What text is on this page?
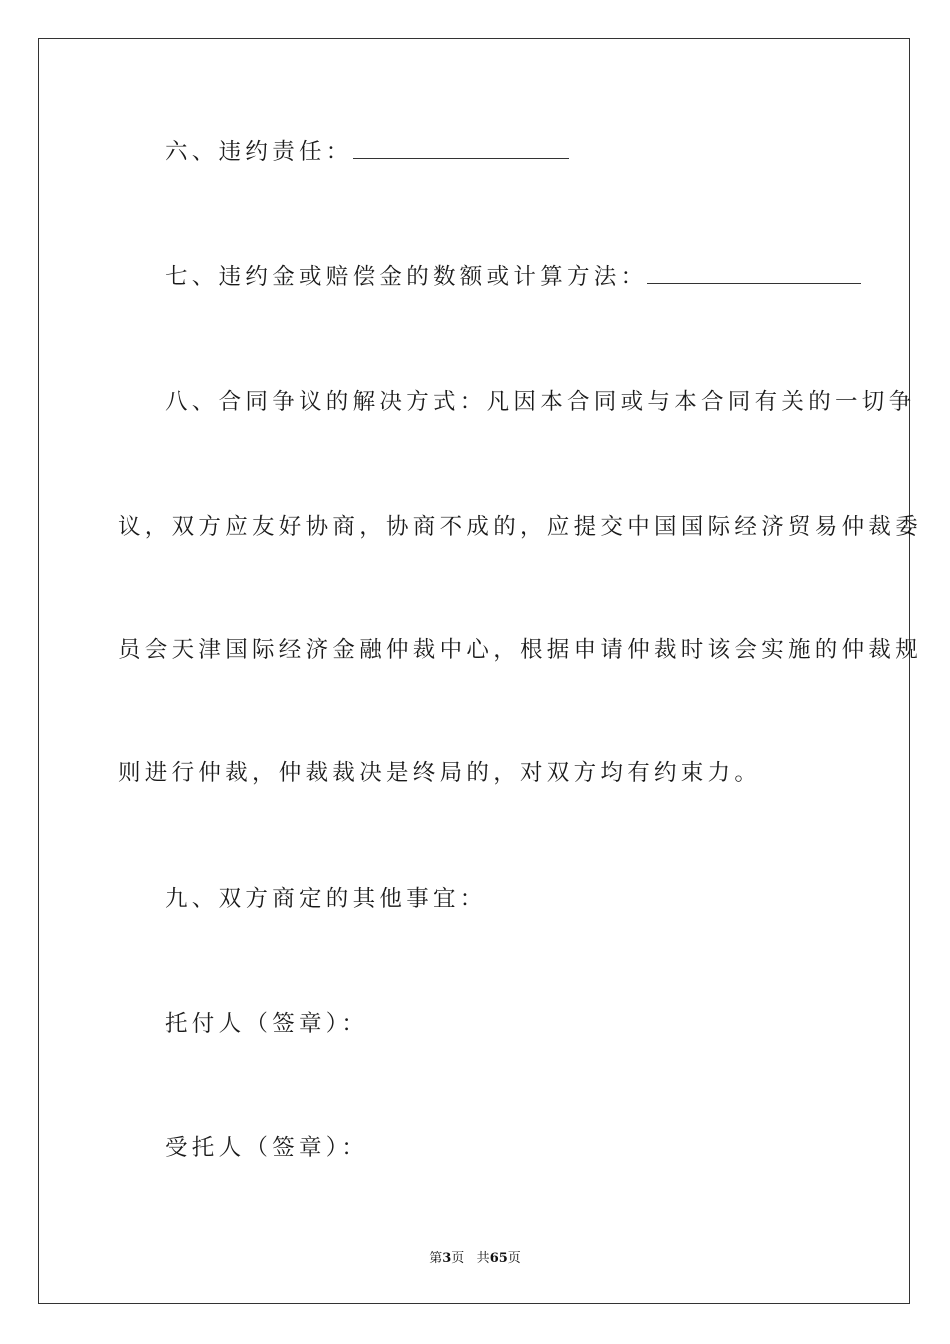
六、违约责任：
七、违约金或赔偿金的数额或计算方法：
八、合同争议的解决方式：凡因本合同或与本合同有关的一切争
议，双方应友好协商，协商不成的，应提交中国国际经济贸易仲裁委
员会天津国际经济金融仲裁中心，根据申请仲裁时该会实施的仲裁规
则进行仲裁，仲裁裁决是终局的，对双方均有约束力。
九、双方商定的其他事宜：
托付人（签章）：
受托人（签章）：
第3页 共65页
